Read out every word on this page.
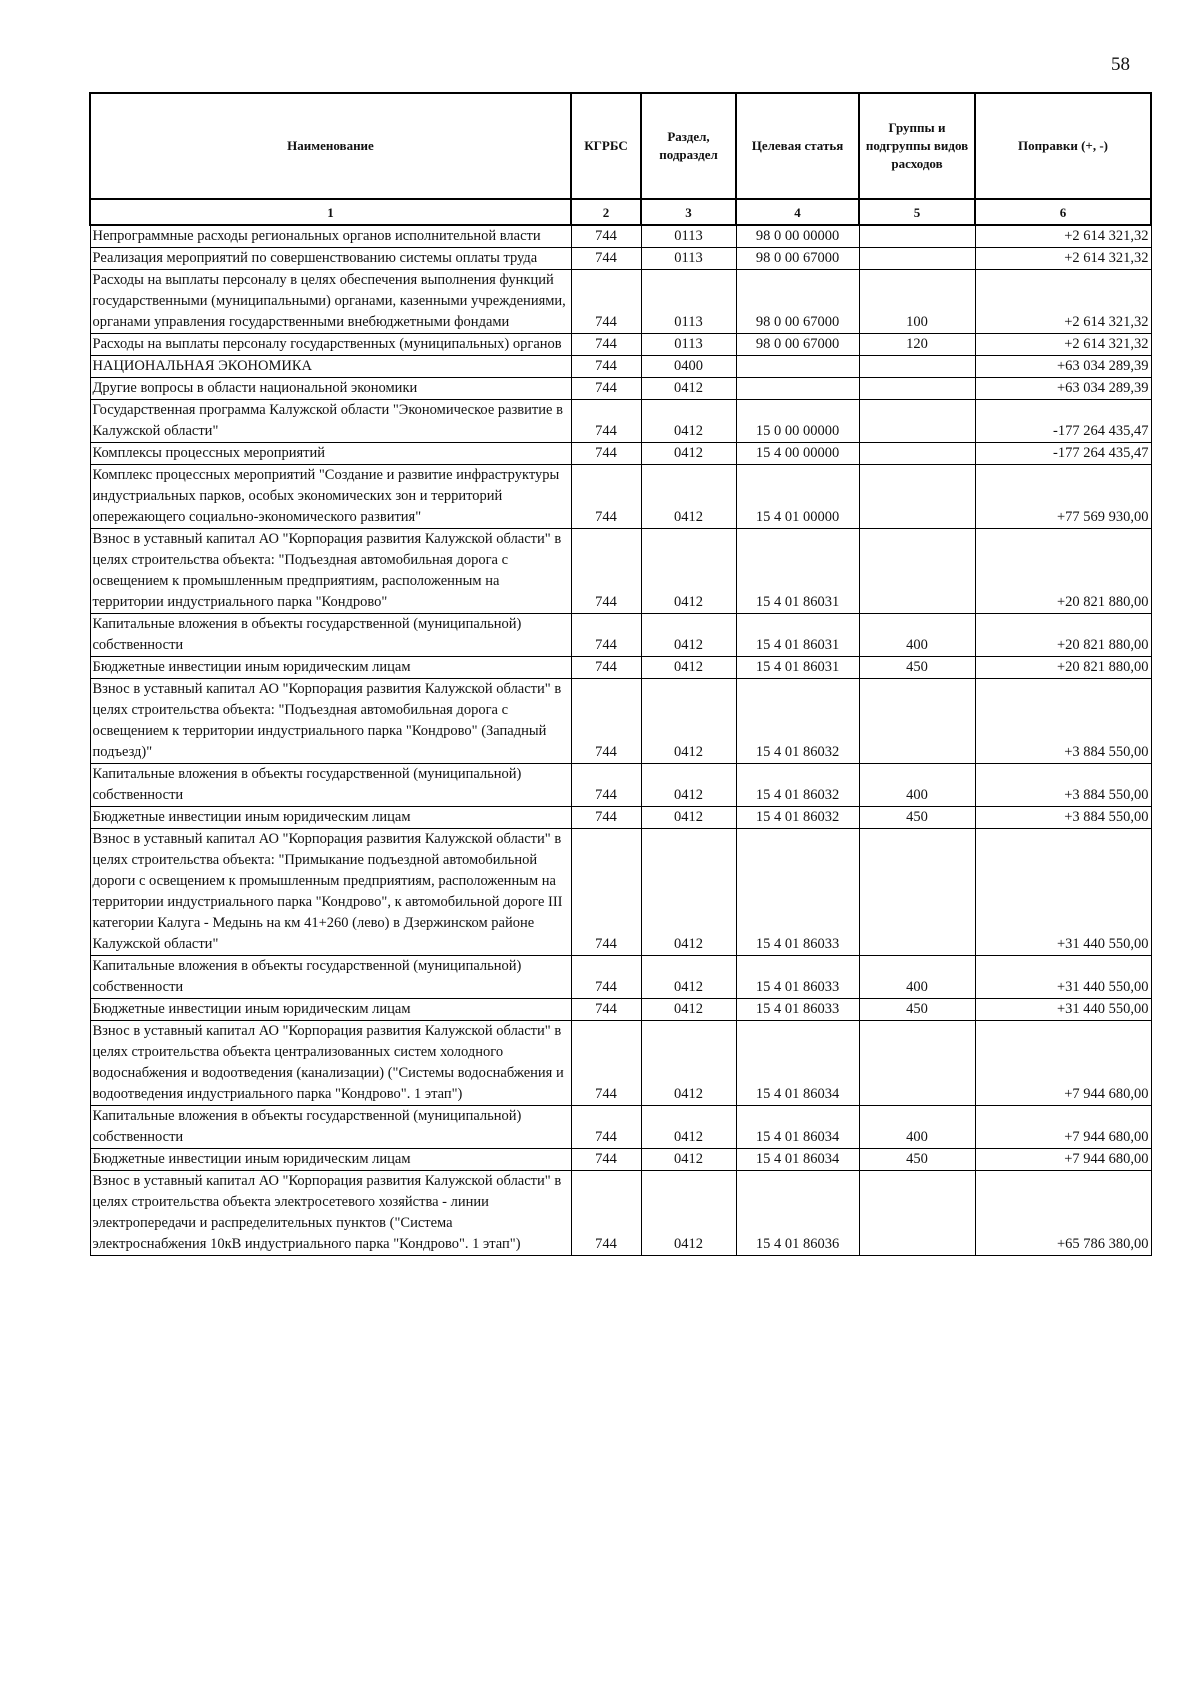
58
Наименование	КГРБС	Раздел, подраздел	Целевая статья	Группы и подгруппы видов расходов	Поправки (+, -)
1	2	3	4	5	6
Непрограммные расходы региональных органов исполнительной власти	744	0113	98 0 00 00000		+2 614 321,32
Реализация мероприятий по совершенствованию системы оплаты труда	744	0113	98 0 00 67000		+2 614 321,32
Расходы на выплаты персоналу в целях обеспечения выполнения функций государственными (муниципальными) органами, казенными учреждениями, органами управления государственными внебюджетными фондами	744	0113	98 0 00 67000	100	+2 614 321,32
Расходы на выплаты персоналу государственных (муниципальных) органов	744	0113	98 0 00 67000	120	+2 614 321,32
НАЦИОНАЛЬНАЯ ЭКОНОМИКА	744	0400			+63 034 289,39
Другие вопросы в области национальной экономики	744	0412			+63 034 289,39
Государственная программа Калужской области "Экономическое развитие в Калужской области"	744	0412	15 0 00 00000		-177 264 435,47
Комплексы процессных мероприятий	744	0412	15 4 00 00000		-177 264 435,47
Комплекс процессных мероприятий "Создание и развитие инфраструктуры индустриальных парков, особых экономических зон и территорий опережающего социально-экономического развития"	744	0412	15 4 01 00000		+77 569 930,00
Взнос в уставный капитал АО "Корпорация развития Калужской области" в целях строительства объекта: "Подъездная автомобильная дорога с освещением к промышленным предприятиям, расположенным на территории индустриального парка "Кондрово"	744	0412	15 4 01 86031		+20 821 880,00
Капитальные вложения в объекты государственной (муниципальной) собственности	744	0412	15 4 01 86031	400	+20 821 880,00
Бюджетные инвестиции иным юридическим лицам	744	0412	15 4 01 86031	450	+20 821 880,00
Взнос в уставный капитал АО "Корпорация развития Калужской области" в целях строительства объекта: "Подъездная автомобильная дорога с освещением к территории индустриального парка "Кондрово" (Западный подъезд)"	744	0412	15 4 01 86032		+3 884 550,00
Капитальные вложения в объекты государственной (муниципальной) собственности	744	0412	15 4 01 86032	400	+3 884 550,00
Бюджетные инвестиции иным юридическим лицам	744	0412	15 4 01 86032	450	+3 884 550,00
Взнос в уставный капитал АО "Корпорация развития Калужской области" в целях строительства объекта: "Примыкание подъездной автомобильной дороги с освещением к промышленным предприятиям, расположенным на территории индустриального парка "Кондрово", к автомобильной дороге III категории Калуга - Медынь на км 41+260 (лево) в Дзержинском районе Калужской области"	744	0412	15 4 01 86033		+31 440 550,00
Капитальные вложения в объекты государственной (муниципальной) собственности	744	0412	15 4 01 86033	400	+31 440 550,00
Бюджетные инвестиции иным юридическим лицам	744	0412	15 4 01 86033	450	+31 440 550,00
Взнос в уставный капитал АО "Корпорация развития Калужской области" в целях строительства объекта централизованных систем холодного водоснабжения и водоотведения (канализации) ("Системы водоснабжения и водоотведения индустриального парка "Кондрово". 1 этап")	744	0412	15 4 01 86034		+7 944 680,00
Капитальные вложения в объекты государственной (муниципальной) собственности	744	0412	15 4 01 86034	400	+7 944 680,00
Бюджетные инвестиции иным юридическим лицам	744	0412	15 4 01 86034	450	+7 944 680,00
Взнос в уставный капитал АО "Корпорация развития Калужской области" в целях строительства объекта электросетевого хозяйства - линии электропередачи и распределительных пунктов ("Система электроснабжения 10кВ индустриального парка "Кондрово". 1 этап")	744	0412	15 4 01 86036		+65 786 380,00
